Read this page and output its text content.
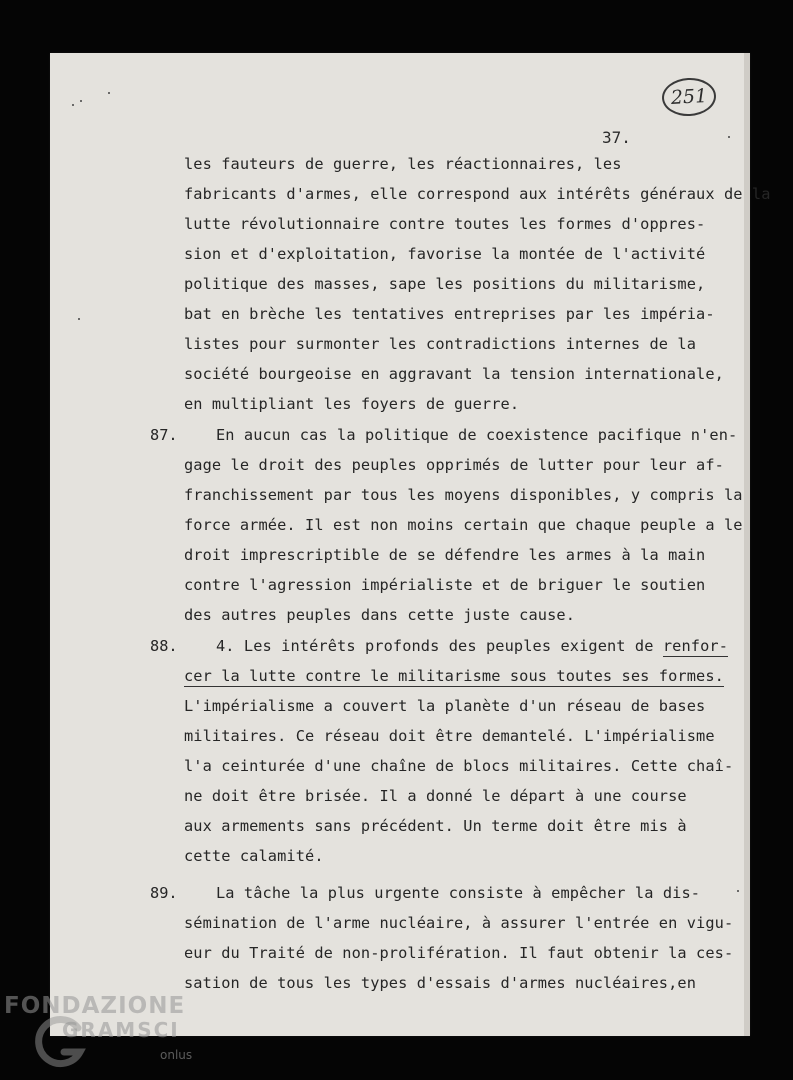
251
37.
les fauteurs de guerre, les réactionnaires, les
fabricants d'armes, elle correspond aux intérêts généraux de la
lutte révolutionnaire contre toutes les formes d'oppres-
sion et d'exploitation, favorise la montée de l'activité
politique des masses, sape les positions du militarisme,
bat en brèche les tentatives entreprises par les impéria-
listes pour surmonter les contradictions internes de la
société bourgeoise en aggravant la tension internationale,
en multipliant les foyers de guerre.
87.	En aucun cas la politique de coexistence pacifique n'en-
gage le droit des peuples opprimés de lutter pour leur af-
franchissement par tous les moyens disponibles, y compris la
force armée. Il est non moins certain que chaque peuple a le
droit imprescriptible de se défendre les armes à la main
contre l'agression impérialiste et de briguer le soutien
des autres peuples dans cette juste cause.
88.	4. Les intérêts profonds des peuples exigent de renfor-
cer la lutte contre le militarisme sous toutes ses formes.
L'impérialisme a couvert la planète d'un réseau de bases
militaires. Ce réseau doit être demantelé. L'impérialisme
l'a ceinturée d'une chaîne de blocs militaires. Cette chaî-
ne doit être brisée. Il a donné le départ à une course
aux armements sans précédent. Un terme doit être mis à
cette calamité.
89.	La tâche la plus urgente consiste à empêcher la dis-
sémination de l'arme nucléaire, à assurer l'entrée en vigu-
eur du Traité de non-prolifération. Il faut obtenir la ces-
sation de tous les types d'essais d'armes nucléaires,en
FONDAZIONE
GRAMSCI
onlus
